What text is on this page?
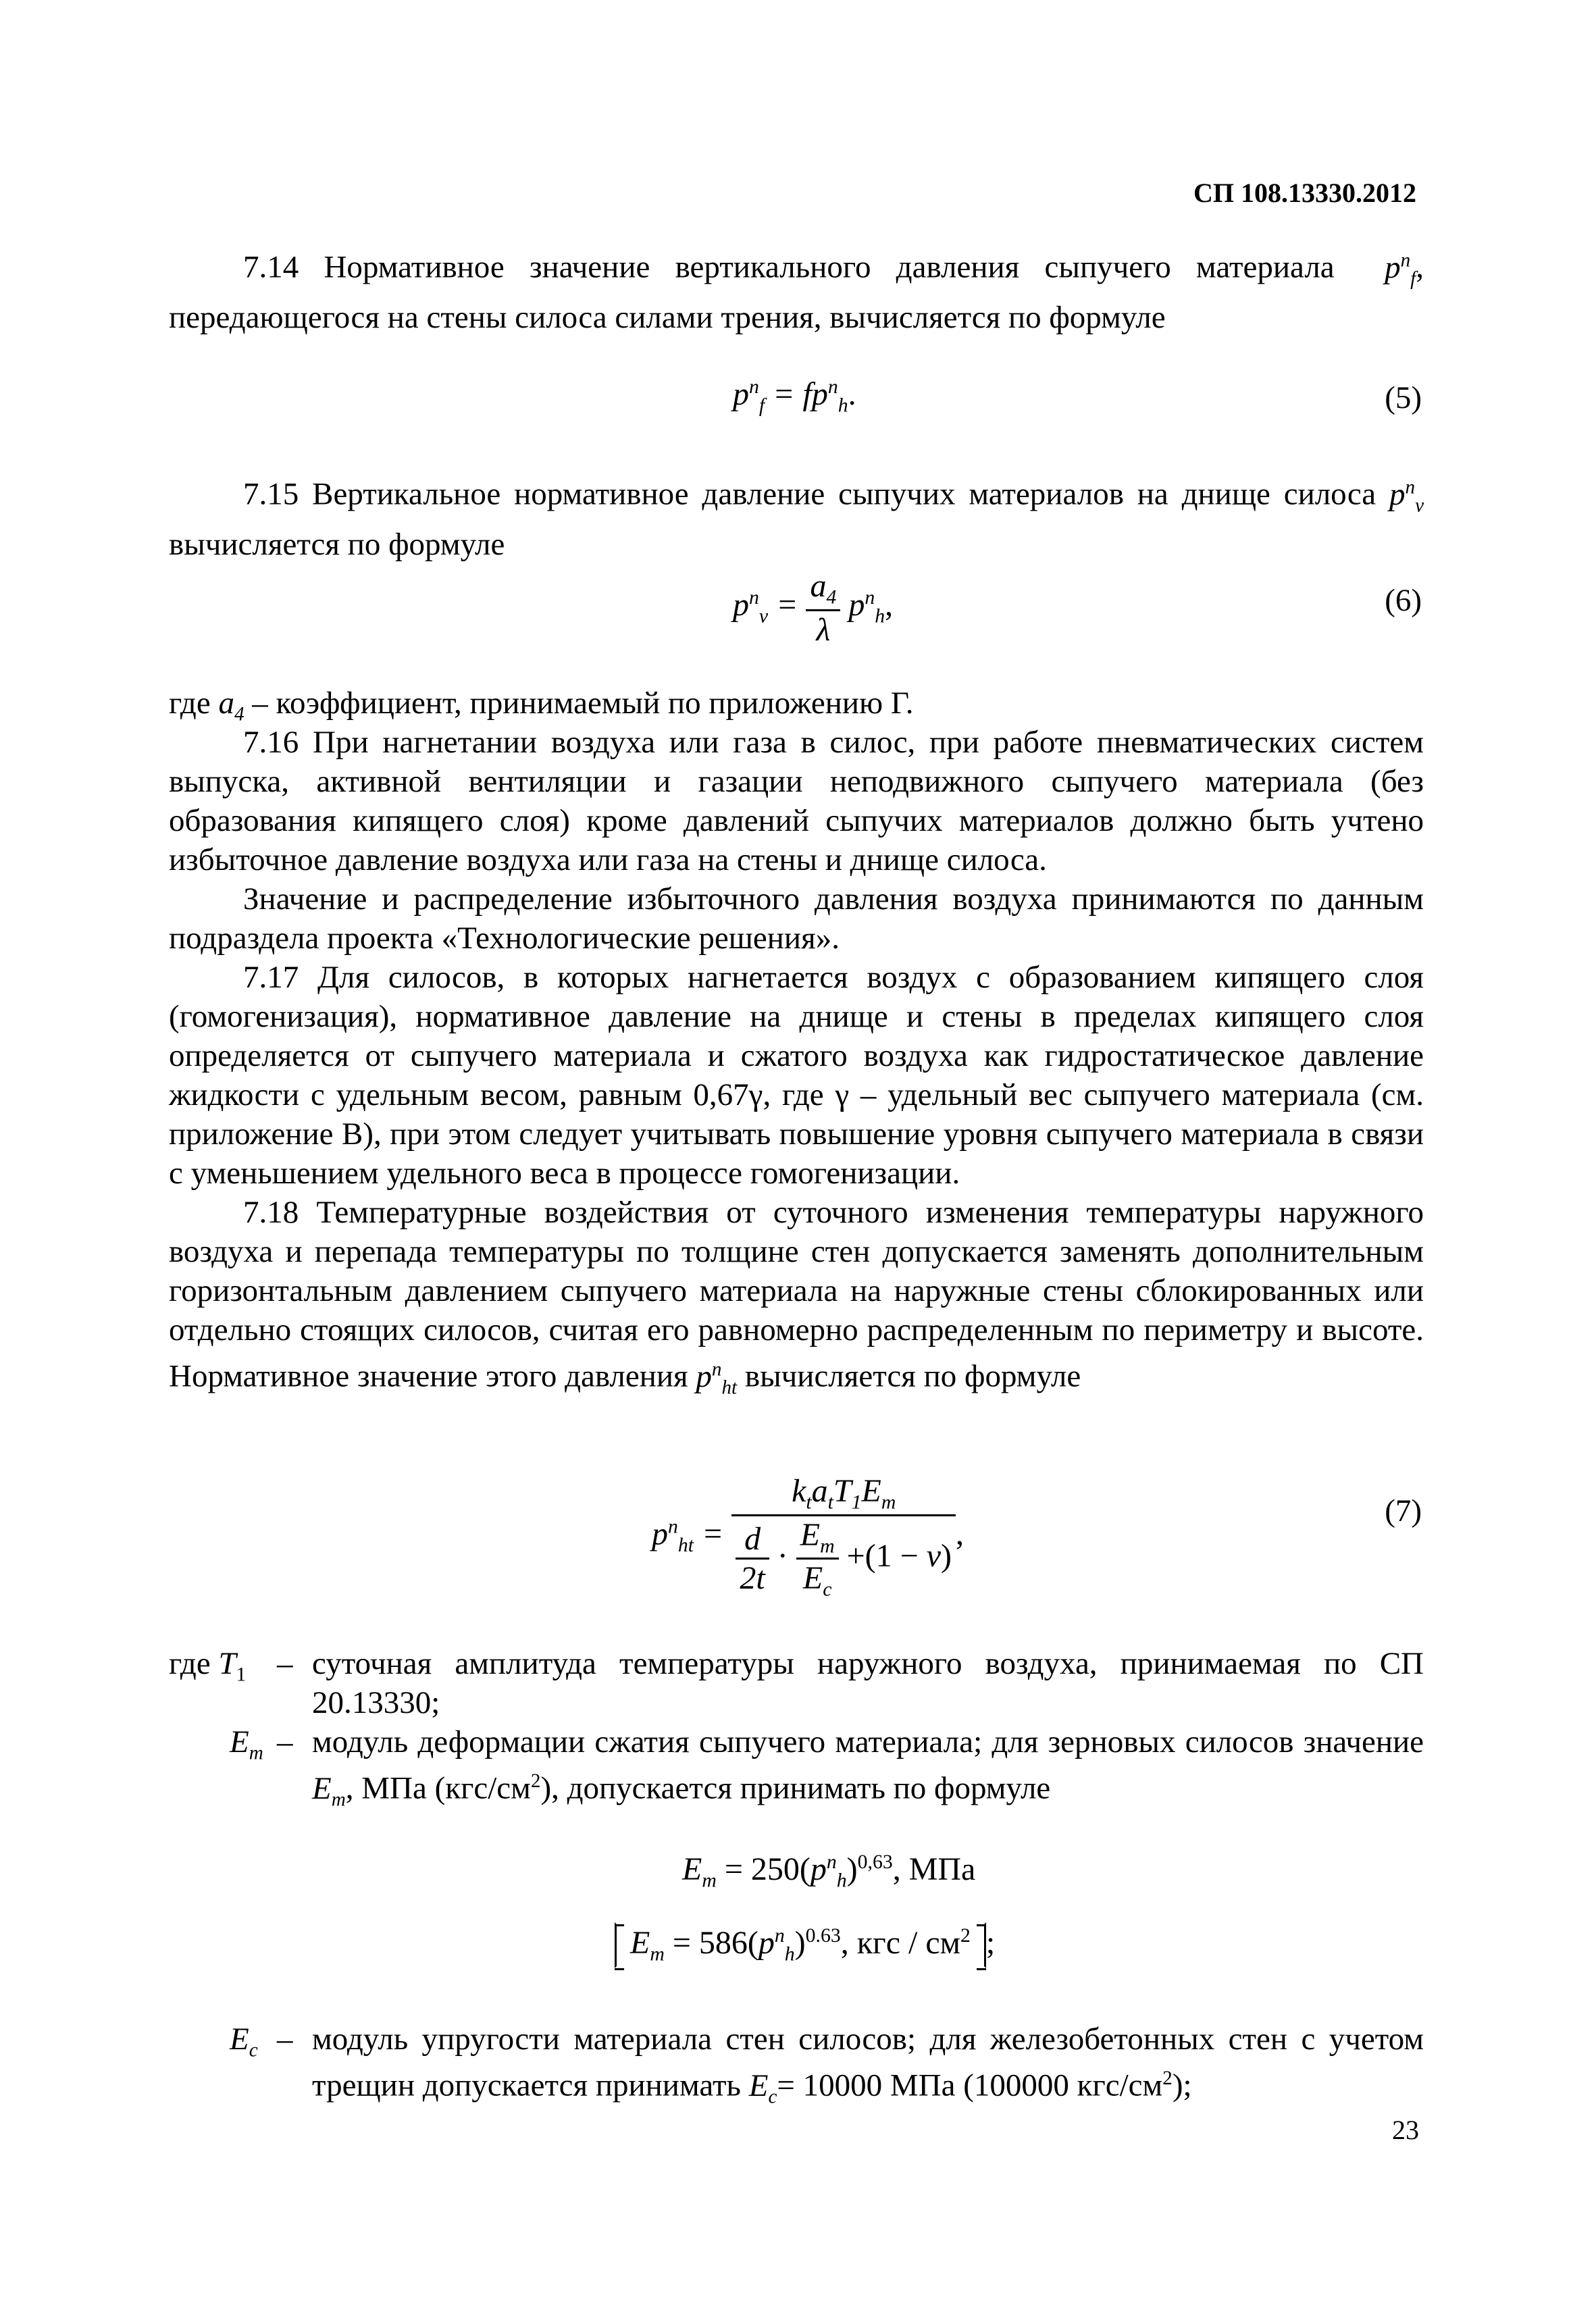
СП 108.13330.2012

7.14 Нормативное значение вертикального давления сыпучего материала  $p^n_f$, передающегося на стены силоса силами трения, вычисляется по формуле

$p^n_f = fp^n_h$.	(5)

7.15 Вертикальное нормативное давление сыпучих материалов на днище силоса $p^n_v$ вычисляется по формуле

$p^n_v = \frac{a_4}{\lambda} p^n_h$,	(6)

где $a_4$ – коэффициент, принимаемый по приложению Г.

7.16 При нагнетании воздуха или газа в силос, при работе пневматических систем выпуска, активной вентиляции и газации неподвижного сыпучего материала (без образования кипящего слоя) кроме давлений сыпучих материалов должно быть учтено избыточное давление воздуха или газа на стены и днище силоса.

Значение и распределение избыточного давления воздуха принимаются по данным подраздела проекта «Технологические решения».

7.17 Для силосов, в которых нагнетается воздух с образованием кипящего слоя (гомогенизация), нормативное давление на днище и стены в пределах кипящего слоя определяется от сыпучего материала и сжатого воздуха как гидростатическое давление жидкости с удельным весом, равным 0,67γ, где γ – удельный вес сыпучего материала (см. приложение В), при этом следует учитывать повышение уровня сыпучего материала в связи с уменьшением удельного веса в процессе гомогенизации.

7.18 Температурные воздействия от суточного изменения температуры наружного воздуха и перепада температуры по толщине стен допускается заменять дополнительным горизонтальным давлением сыпучего материала на наружные стены сблокированных или отдельно стоящих силосов, считая его равномерно распределенным по периметру и высоте. Нормативное значение этого давления $p^n_{ht}$ вычисляется по формуле

$p^n_{ht} = \frac{k_ta_tT_1E_m}{\frac{d}{2t} \cdot \frac{E_m}{E_c} +(1 - \nu)}$ ,
(7)
где $T_1$ – суточная амплитуда температуры наружного воздуха, принимаемая по СП 20.13330;
$E_m$ – модуль деформации сжатия сыпучего материала; для зерновых силосов значение $E_m$, МПа $(кгс/см^2)$, допускается принимать по формуле
$E_m = 250(p^n_h)^{0,63}$, МПа
$E_m = 586(p^n_h)^{0.63}$, кгс / $см^2$ ;
$E_c$ – модуль упругости материала стен силосов; для железобетонных стен с учетом трещин допускается принимать $E_c= 10000$ МПа (100000 кгс/$см^2$);
23
